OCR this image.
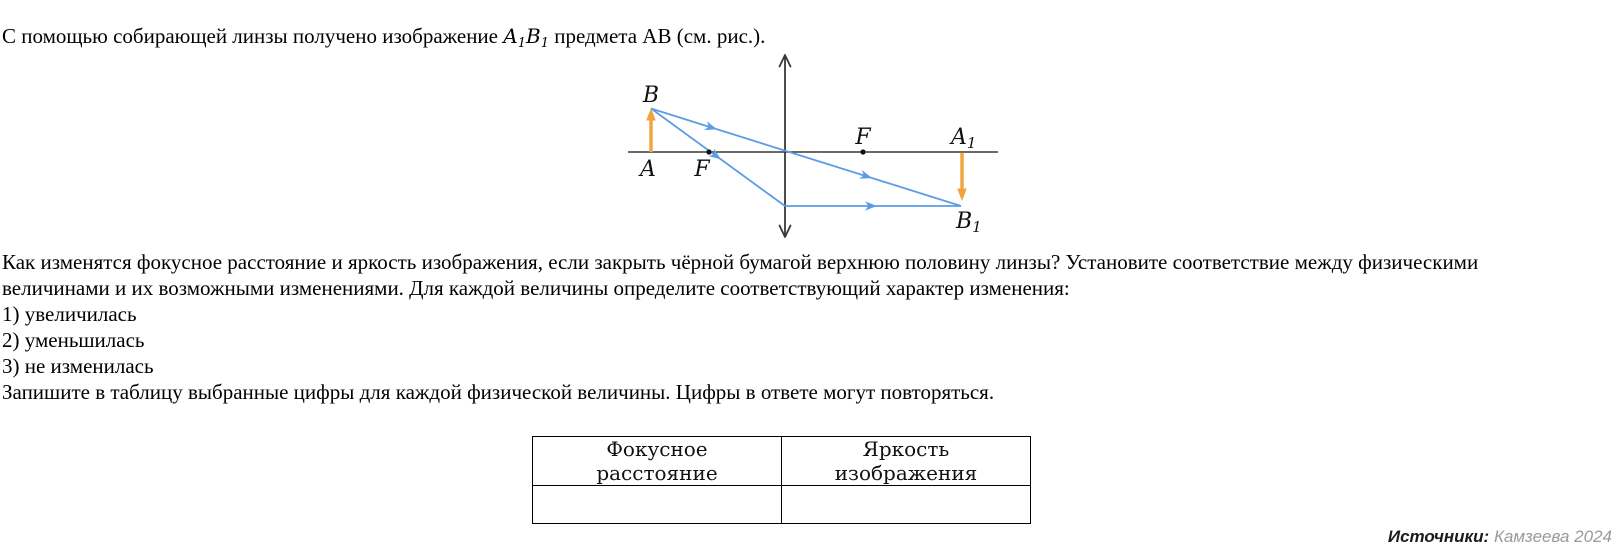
С помощью собирающей линзы получено изображение $A_1B_1$ предмета АВ (см. рис.).

B
A F
F	A1
B1

Как изменятся фокусное расстояние и яркость изображения, если закрыть чёрной бумагой верхнюю половину линзы? Установите соответствие между физическими величинами и их возможными изменениями. Для каждой величины определите соответствующий характер изменения:

1) увеличилась
2) уменьшилась
3) не изменилась

Запишите в таблицу выбранные цифры для каждой физической величины. Цифры в ответе могут повторяться.

Фокусное расстояние	Яркость изображения

Источники: Камзеева 2024
